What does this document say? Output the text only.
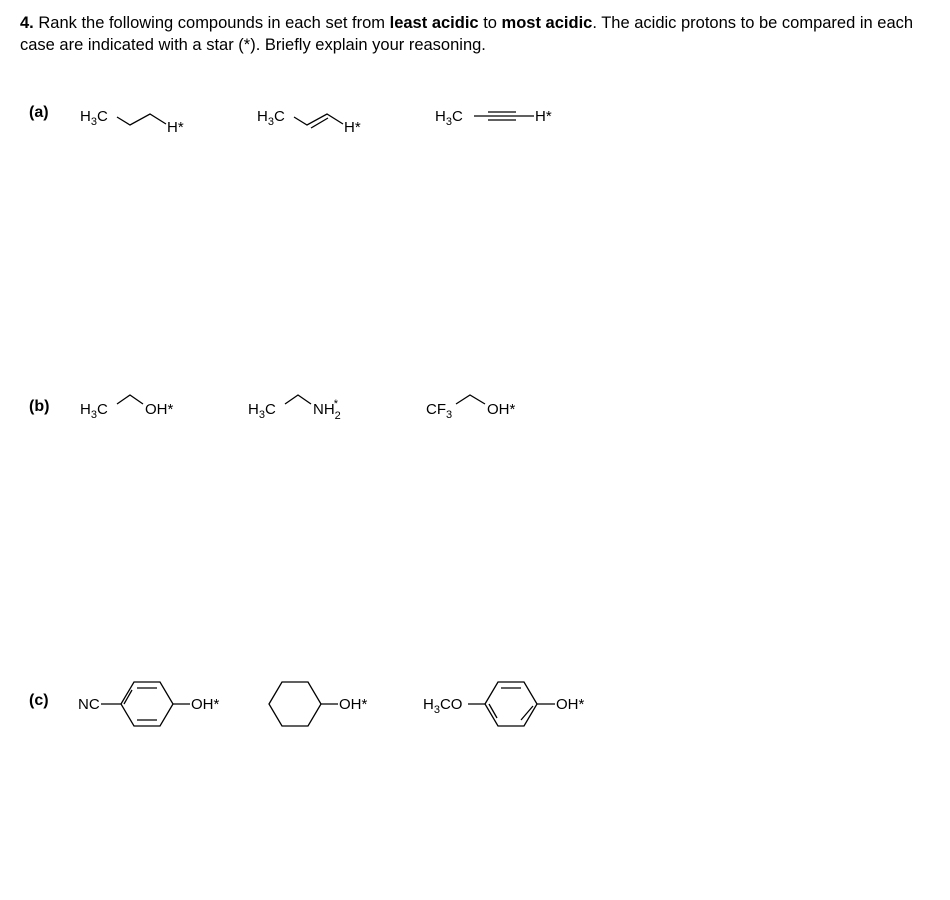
4. Rank the following compounds in each set from least acidic to most acidic. The acidic protons to be compared in each case are indicated with a star (*). Briefly explain your reasoning.
(a)
(b)
(c)
$H_3C$
H*
$H_3C$
H*
$H_3C$	H*
$H_3C$ OH*	$H_3C$ $NH_2*$	$CF_3$ OH*
NC	OH*	OH*	$H_3CO$	OH*
